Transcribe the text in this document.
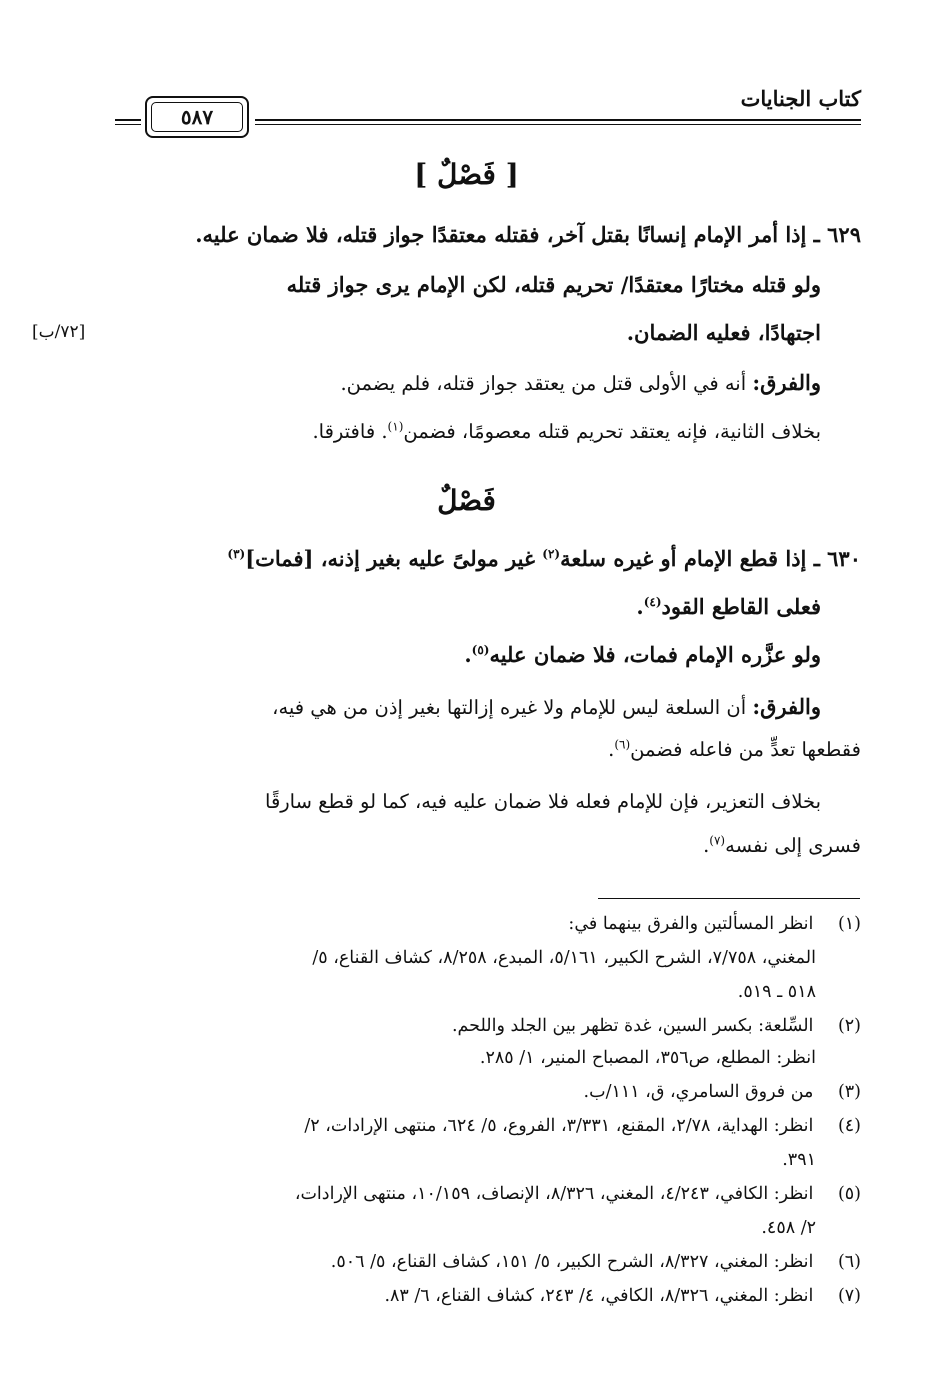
كتاب الجنايات
٥٨٧
[ فَصْلٌ ]
٦٢٩ ـ إذا أمر الإمام إنسانًا بقتل آخر، فقتله معتقدًا جواز قتله، فلا ضمان عليه.
ولو قتله مختارًا معتقدًا/ تحريم قتله، لكن الإمام يرى جواز قتله
اجتهادًا، فعليه الضمان.
[٧٢/ب]
والفرق: أنه في الأولى قتل من يعتقد جواز قتله، فلم يضمن.
بخلاف الثانية، فإنه يعتقد تحريم قتله معصومًا، فضمن$^{(١)}$. فافترقا.
فَصْلٌ
٦٣٠ ـ إذا قطع الإمام أو غيره سلعة$^{(٢)}$ غير مولىً عليه بغير إذنه، [فمات]$^{(٣)}$
فعلى القاطع القود$^{(٤)}$.
ولو عزَّره الإمام فمات، فلا ضمان عليه$^{(٥)}$.
والفرق: أن السلعة ليس للإمام ولا غيره إزالتها بغير إذن من هي فيه،
فقطعها تعدٍّ من فاعله فضمن$^{(٦)}$.
بخلاف التعزير، فإن للإمام فعله فلا ضمان عليه فيه، كما لو قطع سارقًا
فسرى إلى نفسه$^{(٧)}$.
(١) انظر المسألتين والفرق بينهما في:
المغني، ٧/٧٥٨، الشرح الكبير، ٥/١٦١، المبدع، ٨/٢٥٨، كشاف القناع، ٥/
٥١٨ ـ ٥١٩.
(٢) السِّلعة: بكسر السين، غدة تظهر بين الجلد واللحم.
انظر: المطلع، ص٣٥٦، المصباح المنير، ١/ ٢٨٥.
(٣) من فروق السامري، ق، ١١١/ب.
(٤) انظر: الهداية، ٢/٧٨، المقنع، ٣/٣٣١، الفروع، ٥/ ٦٢٤، منتهى الإرادات، ٢/
٣٩١.
(٥) انظر: الكافي، ٤/٢٤٣، المغني، ٨/٣٢٦، الإنصاف، ١٠/١٥٩، منتهى الإرادات،
٢/ ٤٥٨.
(٦) انظر: المغني، ٨/٣٢٧، الشرح الكبير، ٥/ ١٥١، كشاف القناع، ٥/ ٥٠٦.
(٧) انظر: المغني، ٨/٣٢٦، الكافي، ٤/ ٢٤٣، كشاف القناع، ٦/ ٨٣.
